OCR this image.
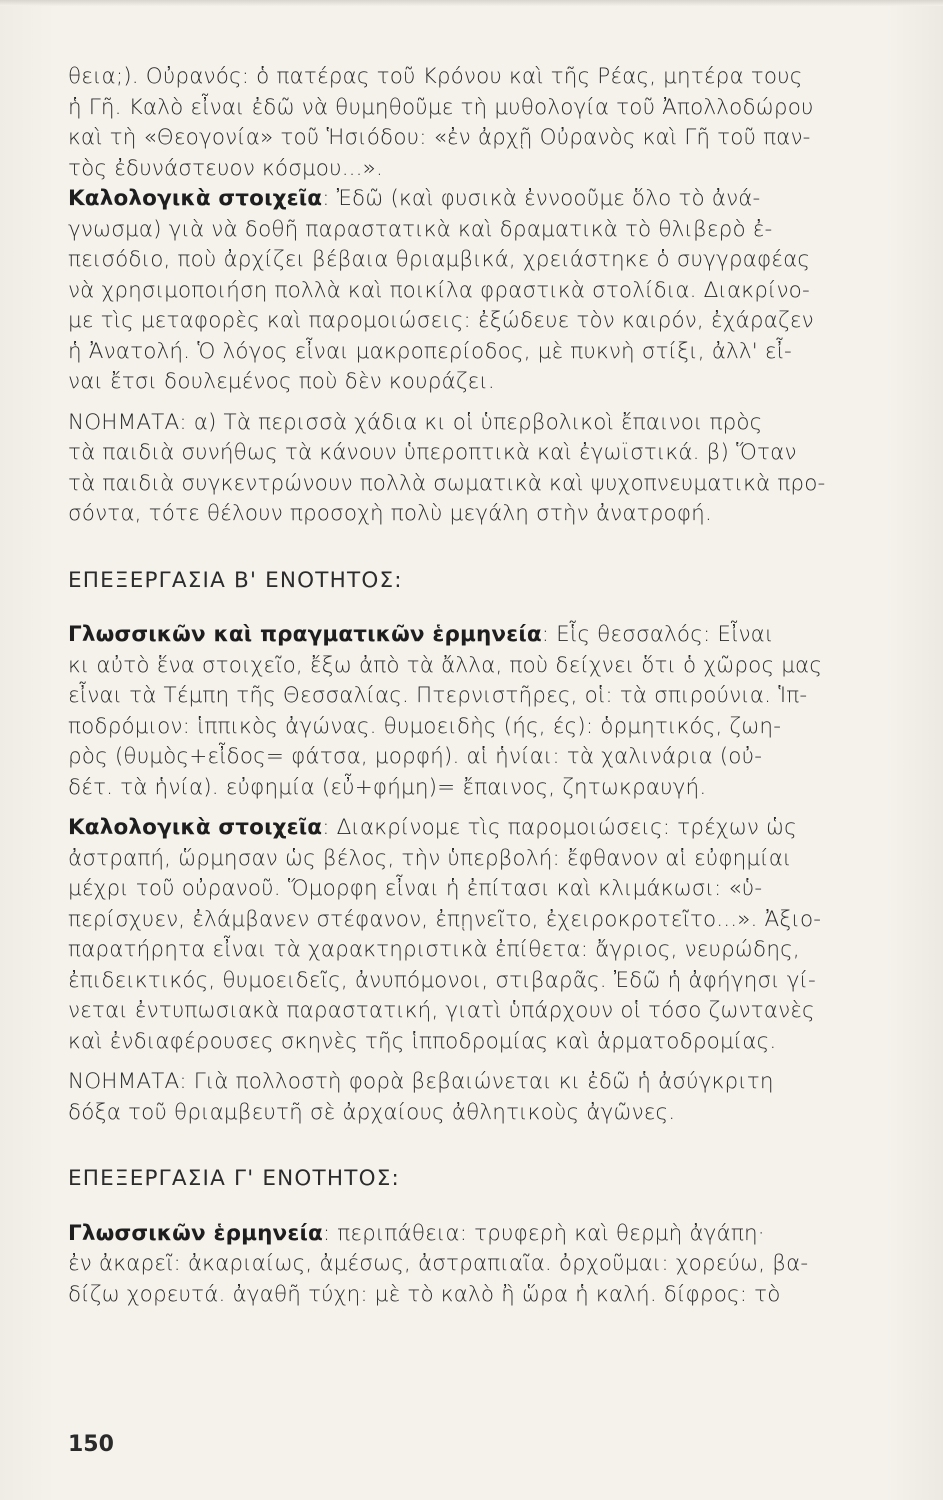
θεια;). Οὐρανός: ὁ πατέρας τοῦ Κρόνου καὶ τῆς Ρέας, μητέρα τους
ἡ Γῆ. Καλὸ εἶναι ἐδῶ νὰ θυμηθοῦμε τὴ μυθολογία τοῦ Ἀπολλοδώρου
καὶ τὴ «Θεογονία» τοῦ Ἡσιόδου: «ἐν ἀρχῇ Οὐρανὸς καὶ Γῆ τοῦ παν-
τὸς ἐδυνάστευον κόσμου...».
Καλολογικὰ στοιχεῖα: Ἐδῶ (καὶ φυσικὰ ἐννοοῦμε ὅλο τὸ ἀνά-
γνωσμα) γιὰ νὰ δοθῆ παραστατικὰ καὶ δραματικὰ τὸ θλιβερὸ ἐ-
πεισόδιο, ποὺ ἀρχίζει βέβαια θριαμβικά, χρειάστηκε ὁ συγγραφέας
νὰ χρησιμοποιήση πολλὰ καὶ ποικίλα φραστικὰ στολίδια. Διακρίνο-
με τὶς μεταφορὲς καὶ παρομοιώσεις: ἐξώδευε τὸν καιρόν, ἐχάραζεν
ἡ Ἀνατολή. Ὁ λόγος εἶναι μακροπερίοδος, μὲ πυκνὴ στίξι, ἀλλ' εἶ-
ναι ἔτσι δουλεμένος ποὺ δὲν κουράζει.
ΝΟΗΜΑΤΑ: α) Τὰ περισσὰ χάδια κι οἱ ὑπερβολικοὶ ἔπαινοι πρὸς
τὰ παιδιὰ συνήθως τὰ κάνουν ὑπεροπτικὰ καὶ ἐγωϊστικά. β) Ὅταν
τὰ παιδιὰ συγκεντρώνουν πολλὰ σωματικὰ καὶ ψυχοπνευματικὰ προ-
σόντα, τότε θέλουν προσοχὴ πολὺ μεγάλη στὴν ἀνατροφή.
ΕΠΕΞΕΡΓΑΣΙΑ Β' ΕΝΟΤΗΤΟΣ:
Γλωσσικῶν καὶ πραγματικῶν ἑρμηνεία: Εἷς θεσσαλός: Εἶναι
κι αὐτὸ ἕνα στοιχεῖο, ἔξω ἀπὸ τὰ ἄλλα, ποὺ δείχνει ὅτι ὁ χῶρος μας
εἶναι τὰ Τέμπη τῆς Θεσσαλίας. Πτερνιστῆρες, οἱ: τὰ σπιρούνια. Ἱπ-
ποδρόμιον: ἱππικὸς ἀγώνας. θυμοειδὴς (ής, ές): ὁρμητικός, ζωη-
ρὸς (θυμὸς+εἶδος= φάτσα, μορφή). αἱ ἡνίαι: τὰ χαλινάρια (οὐ-
δέτ. τὰ ἡνία). εὐφημία (εὖ+φήμη)= ἔπαινος, ζητωκραυγή.
Καλολογικὰ στοιχεῖα: Διακρίνομε τὶς παρομοιώσεις: τρέχων ὡς
ἀστραπή, ὥρμησαν ὡς βέλος, τὴν ὑπερβολή: ἔφθανον αἱ εὐφημίαι
μέχρι τοῦ οὐρανοῦ. Ὅμορφη εἶναι ἡ ἐπίτασι καὶ κλιμάκωσι: «ὑ-
περίσχυεν, ἐλάμβανεν στέφανον, ἐπῃνεῖτο, ἐχειροκροτεῖτο...». Ἀξιο-
παρατήρητα εἶναι τὰ χαρακτηριστικὰ ἐπίθετα: ἄγριος, νευρώδης,
ἐπιδεικτικός, θυμοειδεῖς, ἀνυπόμονοι, στιβαρᾶς. Ἐδῶ ἡ ἀφήγησι γί-
νεται ἐντυπωσιακὰ παραστατική, γιατὶ ὑπάρχουν οἱ τόσο ζωντανὲς
καὶ ἐνδιαφέρουσες σκηνὲς τῆς ἱπποδρομίας καὶ ἁρματοδρομίας.
ΝΟΗΜΑΤΑ: Γιὰ πολλοστὴ φορὰ βεβαιώνεται κι ἐδῶ ἡ ἀσύγκριτη
δόξα τοῦ θριαμβευτῆ σὲ ἀρχαίους ἀθλητικοὺς ἀγῶνες.
ΕΠΕΞΕΡΓΑΣΙΑ Γ' ΕΝΟΤΗΤΟΣ:
Γλωσσικῶν ἑρμηνεία: περιπάθεια: τρυφερὴ καὶ θερμὴ ἀγάπη·
ἐν ἀκαρεῖ: ἀκαριαίως, ἀμέσως, ἀστραπιαῖα. ὀρχοῦμαι: χορεύω, βα-
δίζω χορευτά. ἀγαθῆ τύχη: μὲ τὸ καλὸ ἢ ὥρα ἡ καλή. δίφρος: τὸ
150
